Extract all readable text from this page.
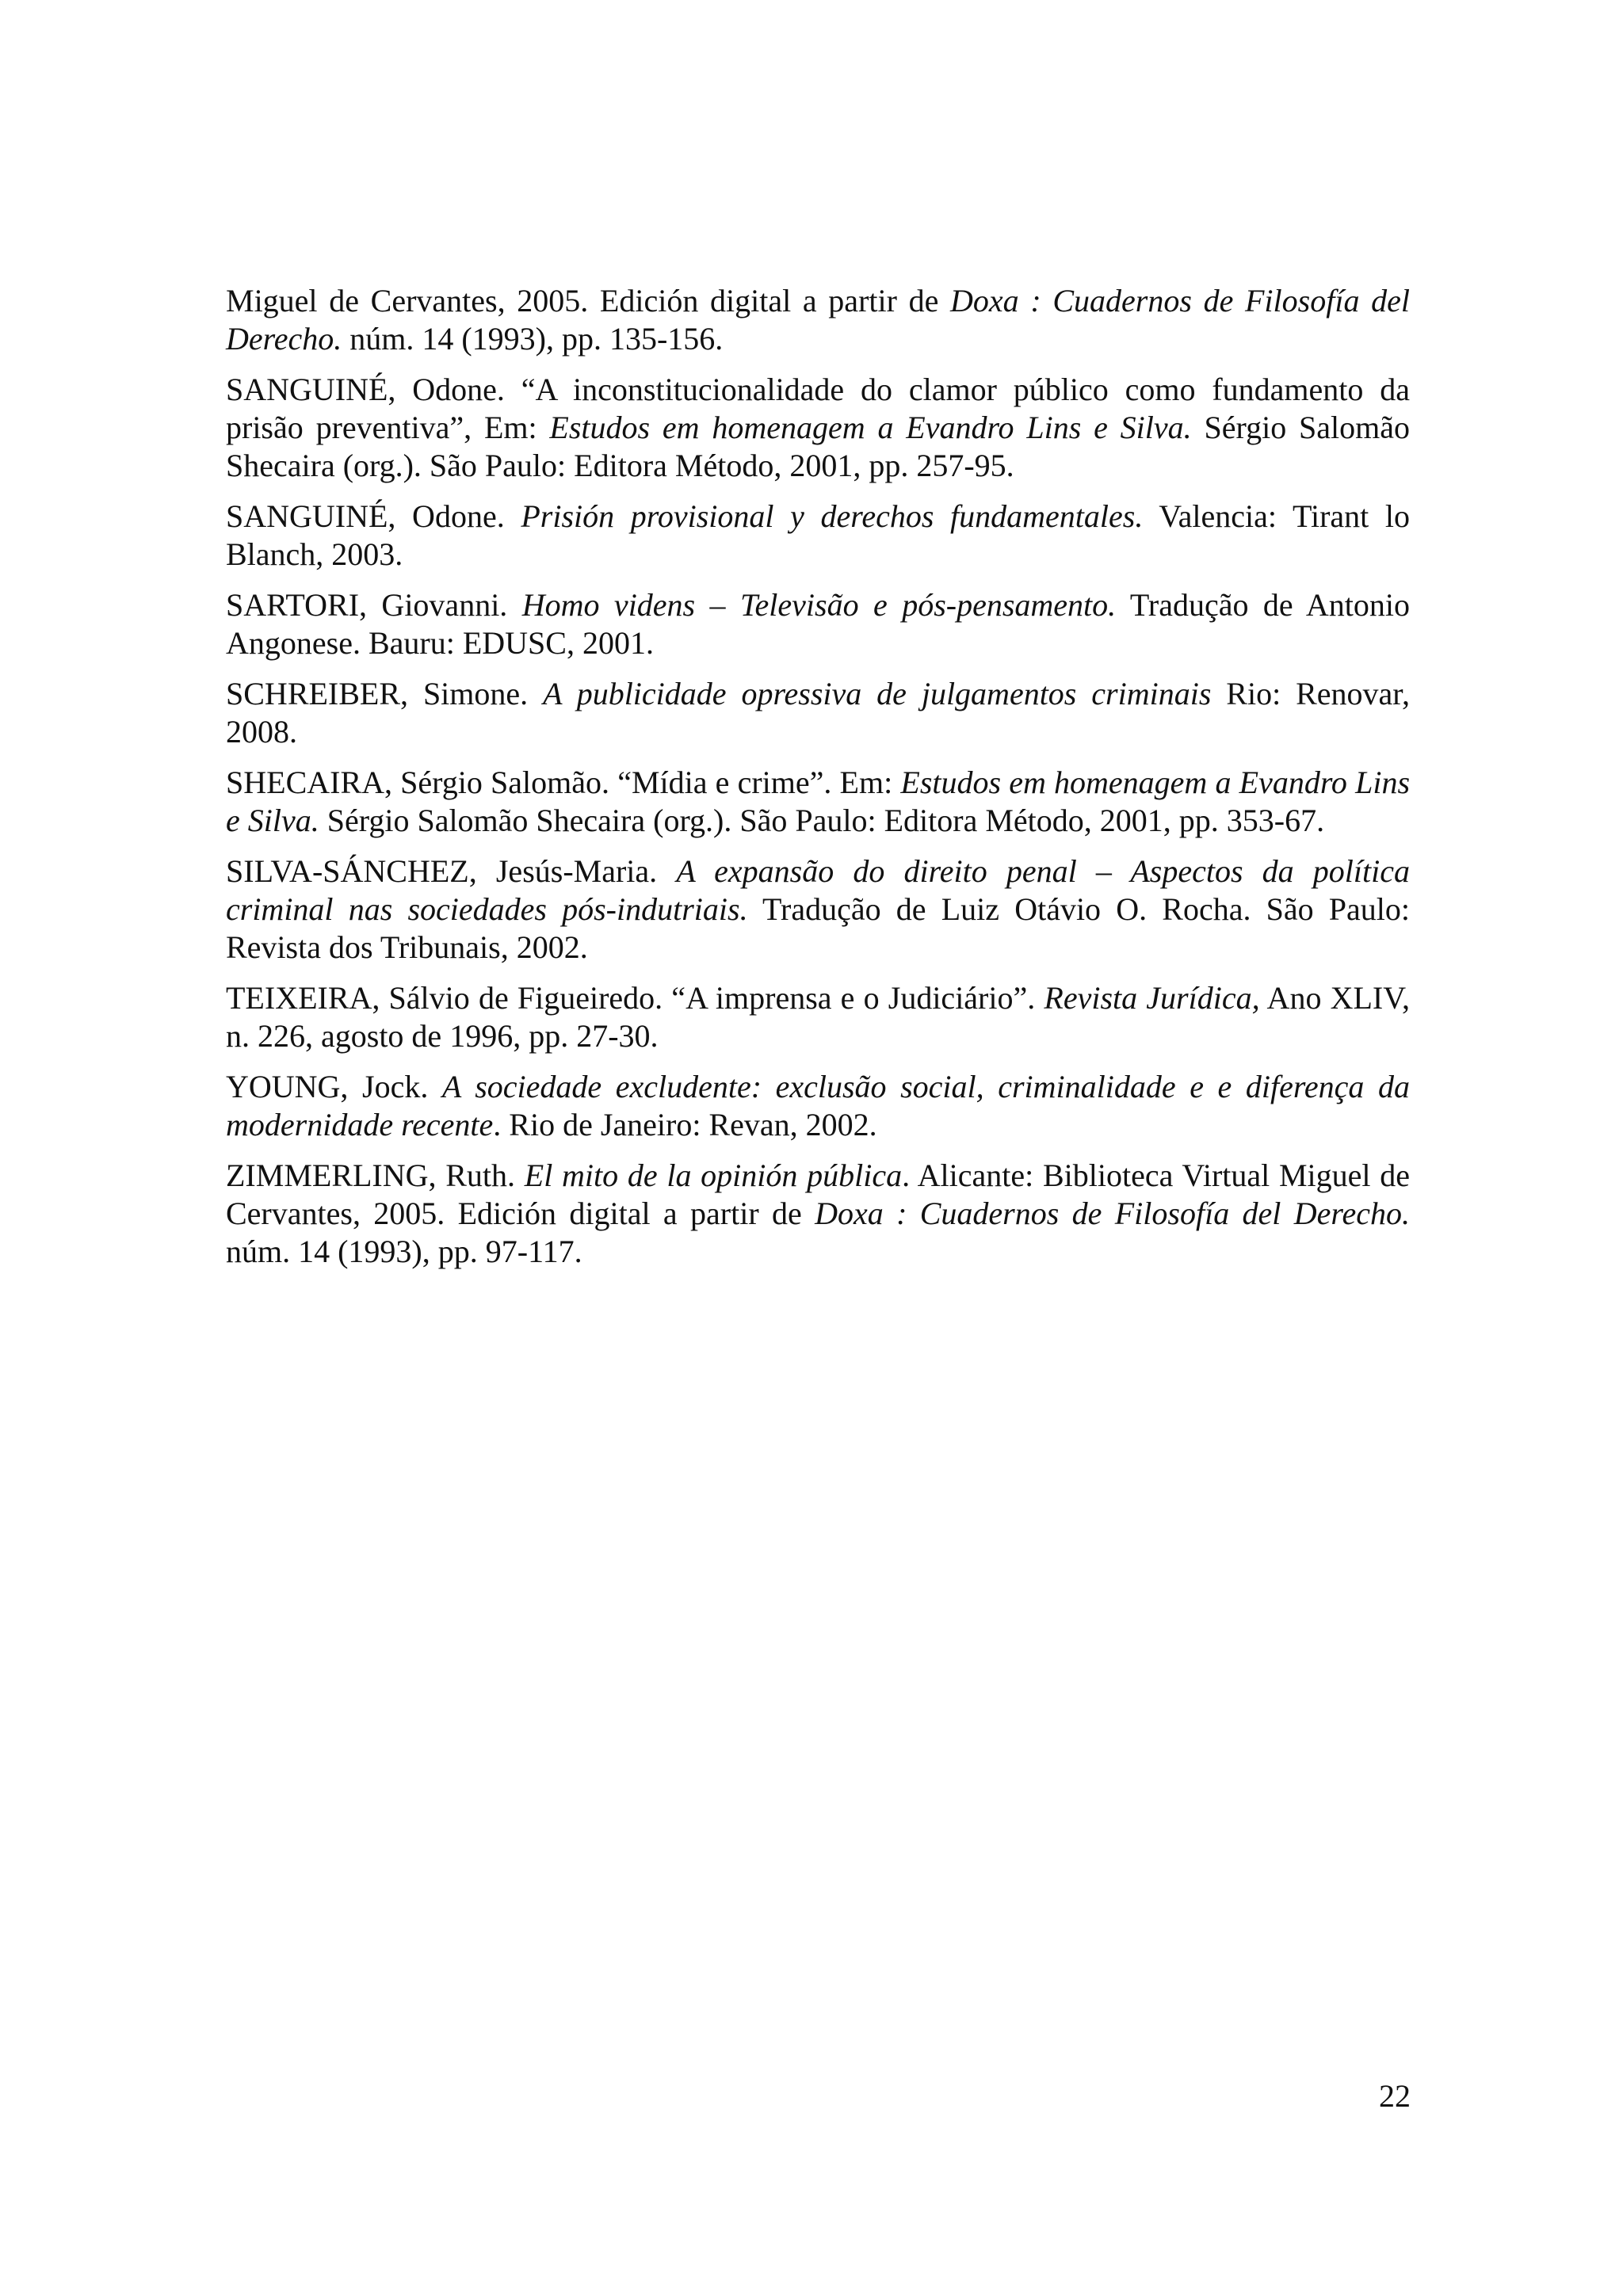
Miguel de Cervantes, 2005. Edición digital a partir de Doxa : Cuadernos de Filosofía del Derecho. núm. 14 (1993), pp. 135-156.

SANGUINÉ, Odone. “A inconstitucionalidade do clamor público como fundamento da prisão preventiva”, Em: Estudos em homenagem a Evandro Lins e Silva. Sérgio Salomão Shecaira (org.). São Paulo: Editora Método, 2001, pp. 257-95.

SANGUINÉ, Odone. Prisión provisional y derechos fundamentales. Valencia: Tirant lo Blanch, 2003.

SARTORI, Giovanni. Homo videns – Televisão e pós-pensamento. Tradução de Antonio Angonese. Bauru: EDUSC, 2001.

SCHREIBER, Simone. A publicidade opressiva de julgamentos criminais Rio: Renovar, 2008.

SHECAIRA, Sérgio Salomão. “Mídia e crime”. Em: Estudos em homenagem a Evandro Lins e Silva. Sérgio Salomão Shecaira (org.). São Paulo: Editora Método, 2001, pp. 353-67.

SILVA-SÁNCHEZ, Jesús-Maria. A expansão do direito penal – Aspectos da política criminal nas sociedades pós-indutriais. Tradução de Luiz Otávio O. Rocha. São Paulo: Revista dos Tribunais, 2002.

TEIXEIRA, Sálvio de Figueiredo. “A imprensa e o Judiciário”. Revista Jurídica, Ano XLIV, n. 226, agosto de 1996, pp. 27-30.

YOUNG, Jock. A sociedade excludente: exclusão social, criminalidade e e diferença da modernidade recente. Rio de Janeiro: Revan, 2002.

ZIMMERLING, Ruth. El mito de la opinión pública. Alicante: Biblioteca Virtual Miguel de Cervantes, 2005. Edición digital a partir de Doxa : Cuadernos de Filosofía del Derecho. núm. 14 (1993), pp. 97-117.

22
